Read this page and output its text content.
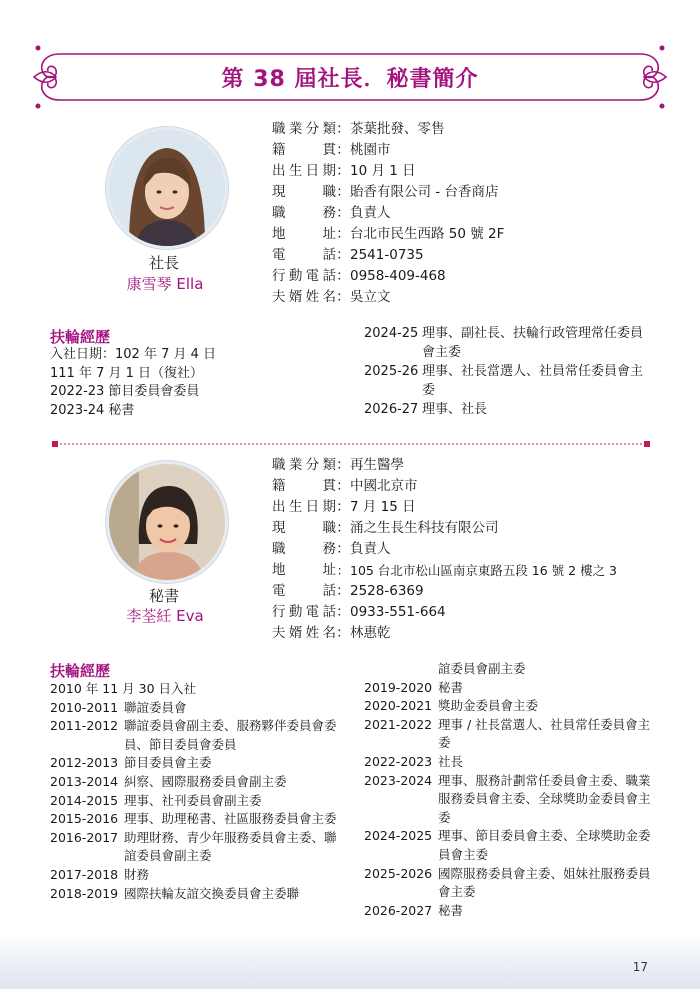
第 38 屆社長．秘書簡介
社長
康雪琴 Ella
職業分類 ： 茶葉批發、零售
籍貫 ： 桃園市
出生日期 ： 10 月 1 日
現職 ： 貽香有限公司 - 台香商店
職務 ： 負責人
地址 ： 台北市民生西路 50 號 2F
電話 ： 2541-0735
行動電話 ： 0958-409-468
夫婿姓名 ： 吳立文
扶輪經歷
入社日期：102 年 7 月 4 日
111 年 7 月 1 日（復社）
2022-23 節目委員會委員
2023-24 秘書
2024-25 理事、副社長、扶輪行政管理常任委員會主委
2025-26 理事、社長當選人、社員常任委員會主委
2026-27 理事、社長
秘書
李荃紝 Eva
職業分類 ： 再生醫學
籍貫 ： 中國北京市
出生日期 ： 7 月 15 日
現職 ： 涌之生長生科技有限公司
職務 ： 負責人
地址 ： 105 台北市松山區南京東路五段 16 號 2 樓之 3
電話 ： 2528-6369
行動電話 ： 0933-551-664
夫婿姓名 ： 林惠乾
扶輪經歷
2010 年 11 月 30 日入社
2010-2011 聯誼委員會
2011-2012 聯誼委員會副主委、服務夥伴委員會委員、節目委員會委員
2012-2013 節目委員會主委
2013-2014 糾察、國際服務委員會副主委
2014-2015 理事、社刊委員會副主委
2015-2016 理事、助理秘書、社區服務委員會主委
2016-2017 助理財務、青少年服務委員會主委、聯誼委員會副主委
2017-2018 財務
2018-2019 國際扶輪友誼交換委員會主委聯
誼委員會副主委
2019-2020 秘書
2020-2021 獎助金委員會主委
2021-2022 理事 / 社長當選人、社員常任委員會主委
2022-2023 社長
2023-2024 理事、服務計劃常任委員會主委、職業服務委員會主委、全球獎助金委員會主委
2024-2025 理事、節目委員會主委、全球獎助金委員會主委
2025-2026 國際服務委員會主委、姐妹社服務委員會主委
2026-2027 秘書
17
